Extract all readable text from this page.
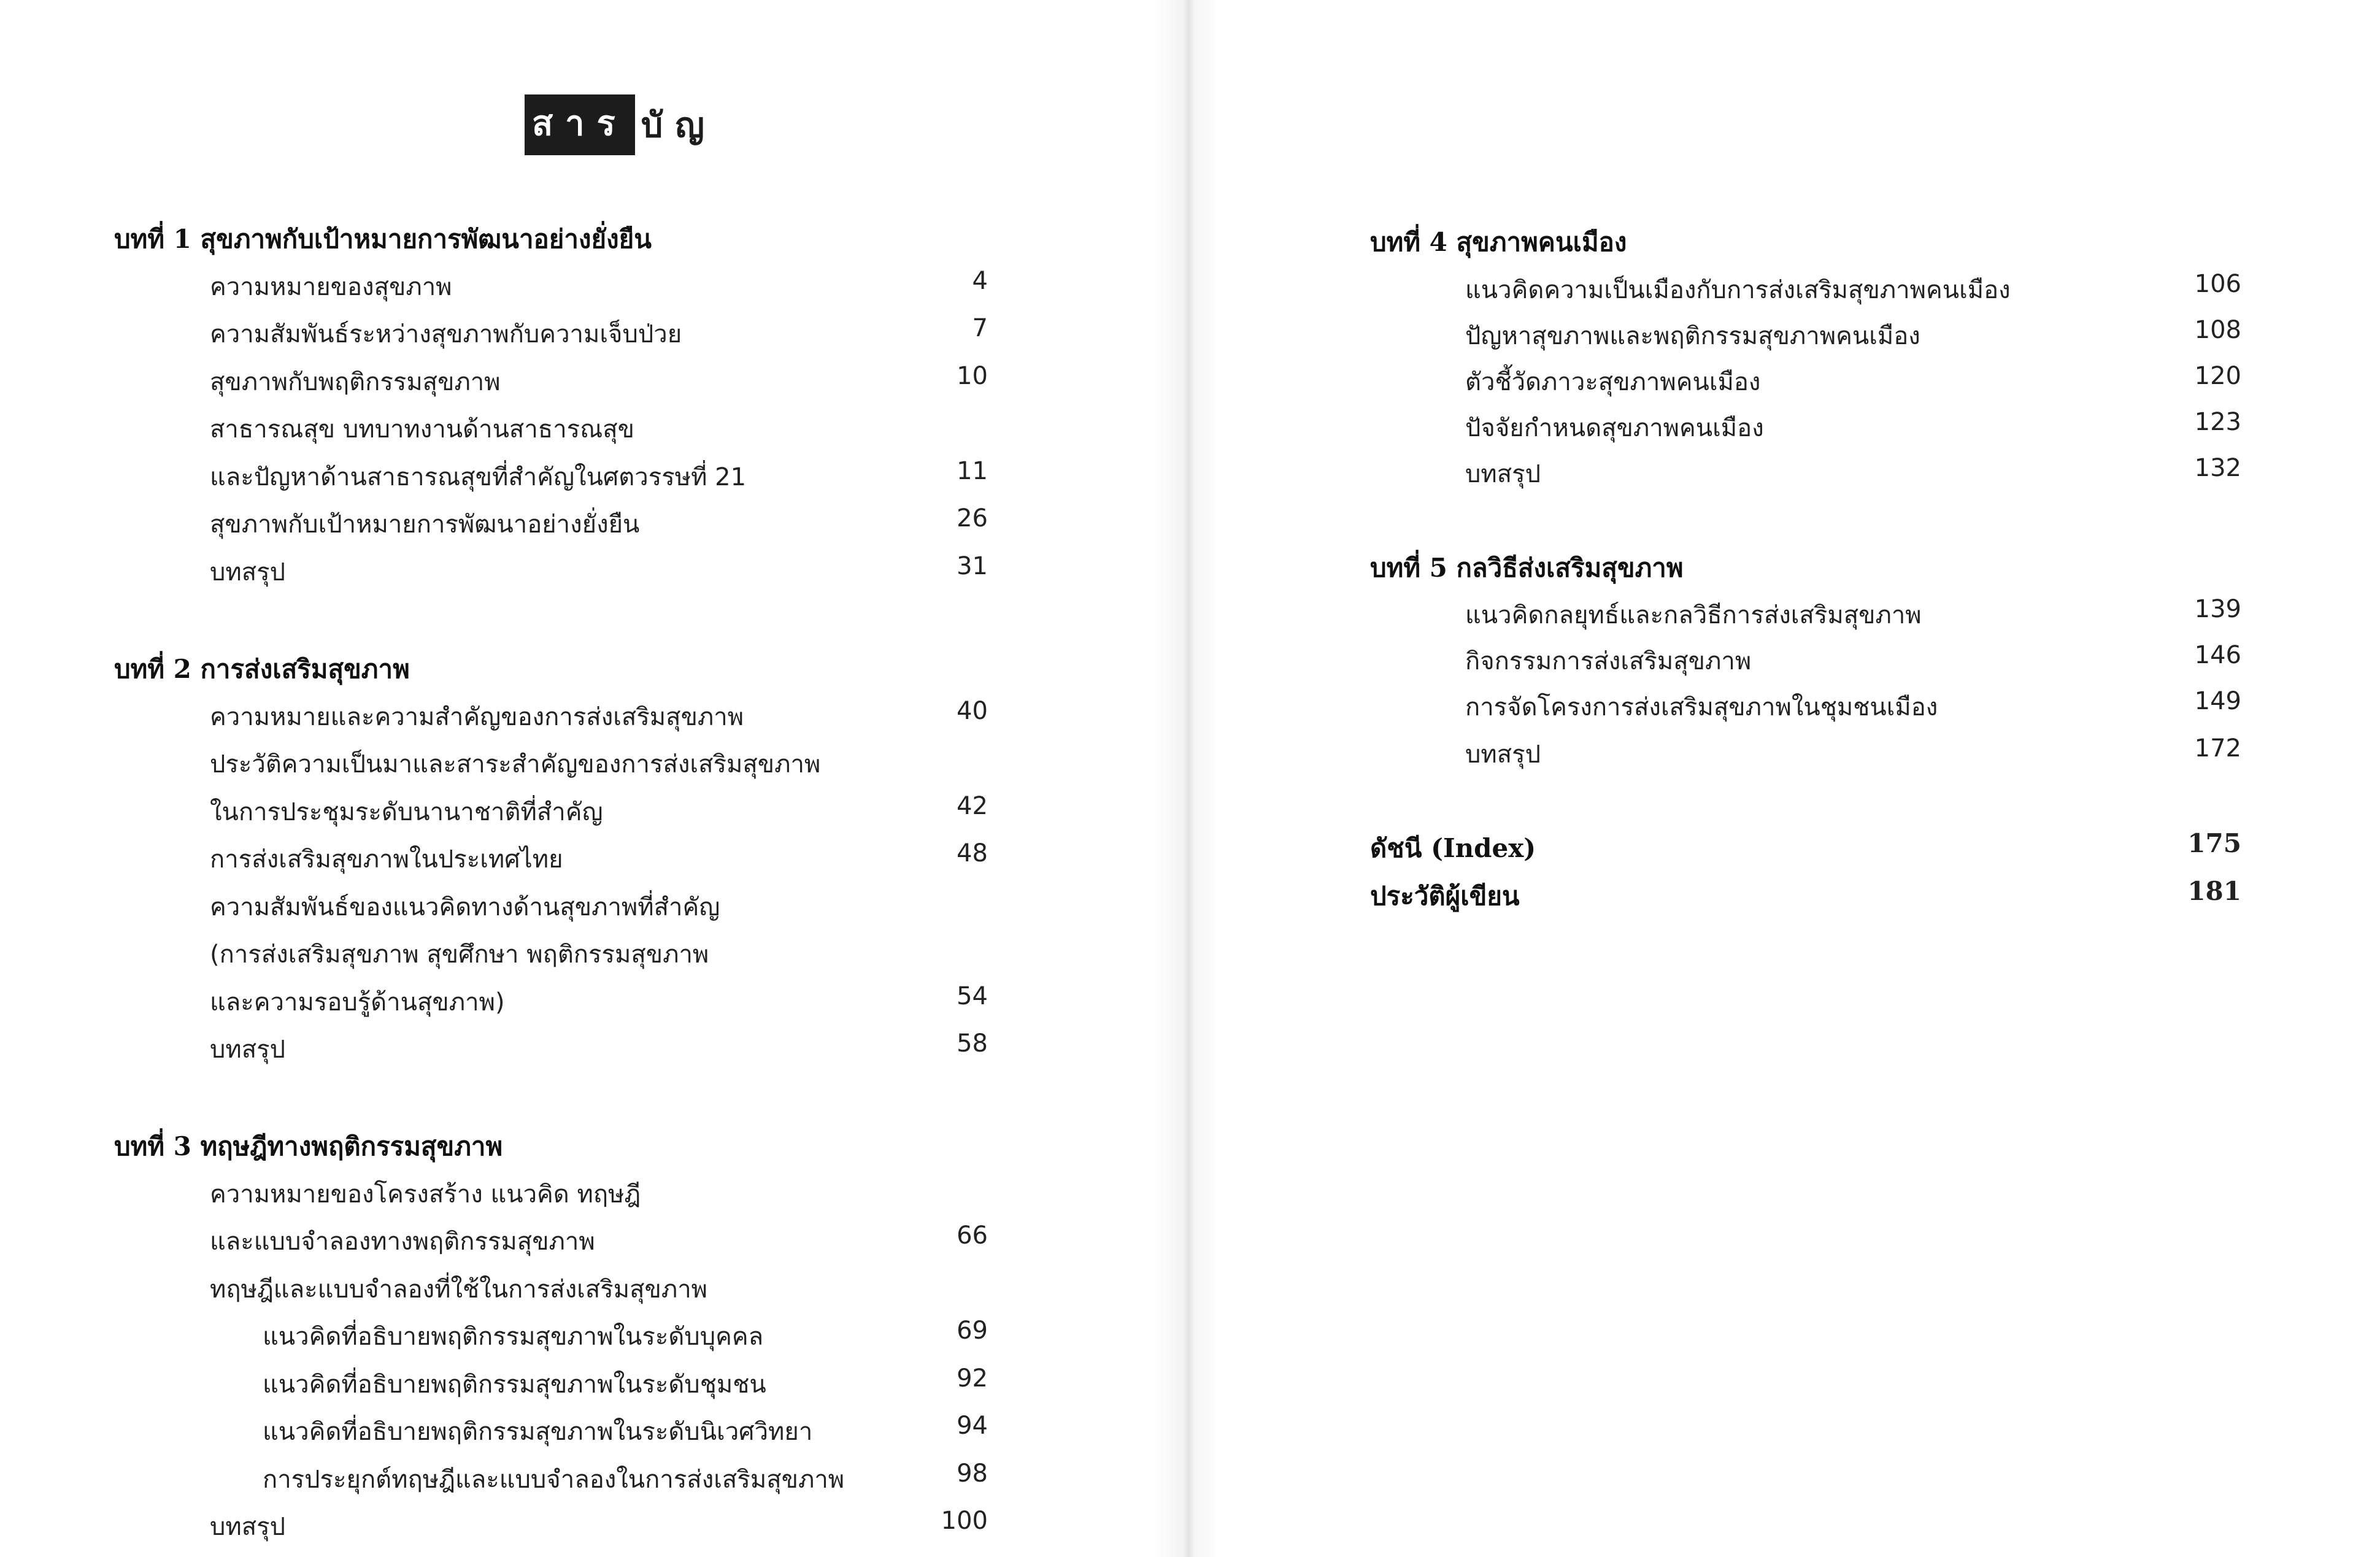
สาร บัญ
บทที่ 1 สุขภาพกับเป้าหมายการพัฒนาอย่างยั่งยืน
ความหมายของสุขภาพ	4
ความสัมพันธ์ระหว่างสุขภาพกับความเจ็บป่วย	7
สุขภาพกับพฤติกรรมสุขภาพ	10
สาธารณสุข บทบาทงานด้านสาธารณสุข
และปัญหาด้านสาธารณสุขที่สำคัญในศตวรรษที่ 21	11
สุขภาพกับเป้าหมายการพัฒนาอย่างยั่งยืน	26
บทสรุป	31
บทที่ 2 การส่งเสริมสุขภาพ
ความหมายและความสำคัญของการส่งเสริมสุขภาพ	40
ประวัติความเป็นมาและสาระสำคัญของการส่งเสริมสุขภาพ
ในการประชุมระดับนานาชาติที่สำคัญ	42
การส่งเสริมสุขภาพในประเทศไทย	48
ความสัมพันธ์ของแนวคิดทางด้านสุขภาพที่สำคัญ
(การส่งเสริมสุขภาพ สุขศึกษา พฤติกรรมสุขภาพ
และความรอบรู้ด้านสุขภาพ)	54
บทสรุป	58
บทที่ 3 ทฤษฎีทางพฤติกรรมสุขภาพ
ความหมายของโครงสร้าง แนวคิด ทฤษฎี
และแบบจำลองทางพฤติกรรมสุขภาพ	66
ทฤษฎีและแบบจำลองที่ใช้ในการส่งเสริมสุขภาพ
แนวคิดที่อธิบายพฤติกรรมสุขภาพในระดับบุคคล	69
แนวคิดที่อธิบายพฤติกรรมสุขภาพในระดับชุมชน	92
แนวคิดที่อธิบายพฤติกรรมสุขภาพในระดับนิเวศวิทยา	94
การประยุกต์ทฤษฎีและแบบจำลองในการส่งเสริมสุขภาพ	98
บทสรุป	100
บทที่ 4 สุขภาพคนเมือง
แนวคิดความเป็นเมืองกับการส่งเสริมสุขภาพคนเมือง	106
ปัญหาสุขภาพและพฤติกรรมสุขภาพคนเมือง	108
ตัวชี้วัดภาวะสุขภาพคนเมือง	120
ปัจจัยกำหนดสุขภาพคนเมือง	123
บทสรุป	132
บทที่ 5 กลวิธีส่งเสริมสุขภาพ
แนวคิดกลยุทธ์และกลวิธีการส่งเสริมสุขภาพ	139
กิจกรรมการส่งเสริมสุขภาพ	146
การจัดโครงการส่งเสริมสุขภาพในชุมชนเมือง	149
บทสรุป	172
ดัชนี (Index)	175
ประวัติผู้เขียน	181
